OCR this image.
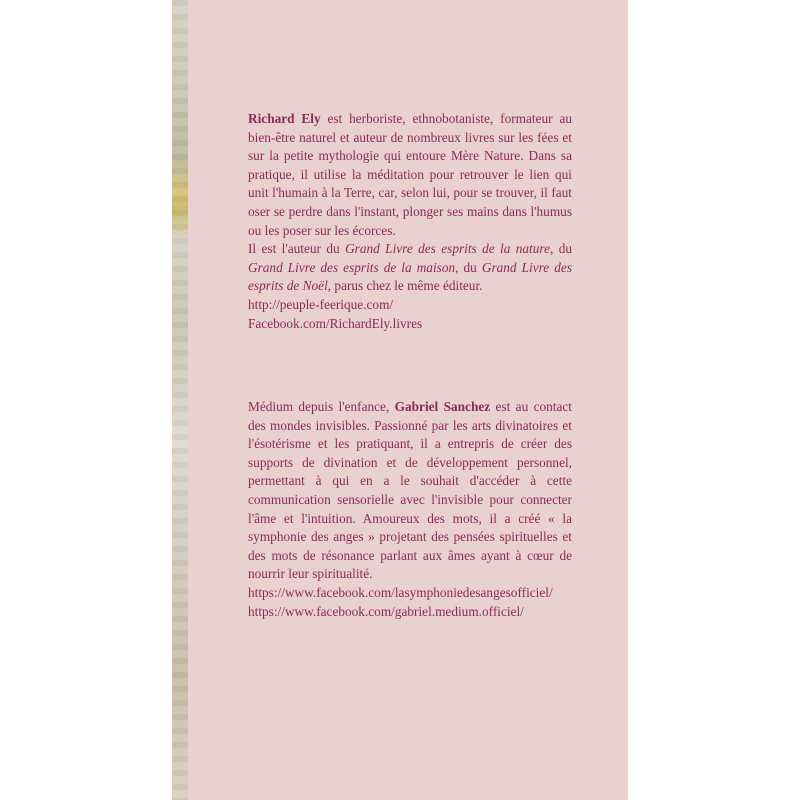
Richard Ely est herboriste, ethnobotaniste, formateur au bien-être naturel et auteur de nombreux livres sur les fées et sur la petite mythologie qui entoure Mère Nature. Dans sa pratique, il utilise la méditation pour retrouver le lien qui unit l'humain à la Terre, car, selon lui, pour se trouver, il faut oser se perdre dans l'instant, plonger ses mains dans l'humus ou les poser sur les écorces.

Il est l'auteur du Grand Livre des esprits de la nature, du Grand Livre des esprits de la maison, du Grand Livre des esprits de Noël, parus chez le même éditeur.

http://peuple-feerique.com/

Facebook.com/RichardEly.livres

Médium depuis l'enfance, Gabriel Sanchez est au contact des mondes invisibles. Passionné par les arts divinatoires et l'ésotérisme et les pratiquant, il a entrepris de créer des supports de divination et de développement personnel, permettant à qui en a le souhait d'accéder à cette communication sensorielle avec l'invisible pour connecter l'âme et l'intuition. Amoureux des mots, il a créé « la symphonie des anges » projetant des pensées spirituelles et des mots de résonance parlant aux âmes ayant à cœur de nourrir leur spiritualité.

https://www.facebook.com/lasymphoniedesangesofficiel/

https://www.facebook.com/gabriel.medium.officiel/
